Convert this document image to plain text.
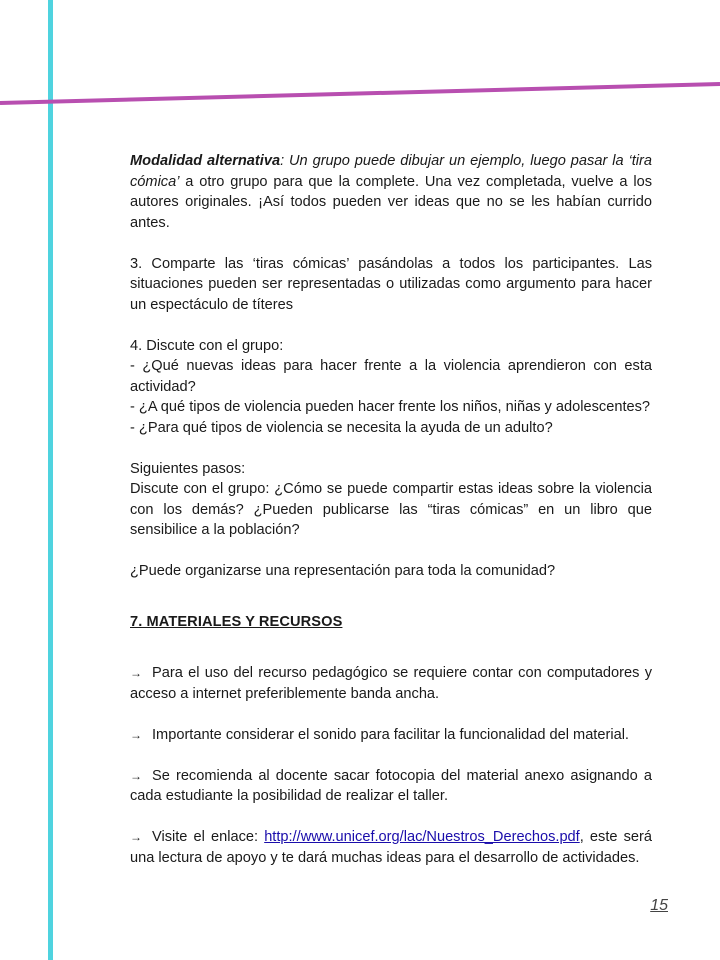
Modalidad alternativa: Un grupo puede dibujar un ejemplo, luego pasar la ‘tira cómica’ a otro grupo para que la complete. Una vez completada, vuelve a los autores originales. ¡Así todos pueden ver ideas que no se les habían currido antes.

3. Comparte las ‘tiras cómicas’ pasándolas a todos los participantes. Las situaciones pueden ser representadas o utilizadas como argumento para hacer un espectáculo de títeres

4. Discute con el grupo:

- ¿Qué nuevas ideas para hacer frente a la violencia aprendieron con esta actividad?

- ¿A qué tipos de violencia pueden hacer frente los niños, niñas y adolescentes?

- ¿Para qué tipos de violencia se necesita la ayuda de un adulto?

Siguientes pasos:

Discute con el grupo: ¿Cómo se puede compartir estas ideas sobre la violencia con los demás? ¿Pueden publicarse las “tiras cómicas” en un libro que sensibilice a la población?

¿Puede organizarse una representación para toda la comunidad?

7. MATERIALES Y RECURSOS

→ Para el uso del recurso pedagógico se requiere contar con computadores y acceso a internet preferiblemente banda ancha.

→ Importante considerar el sonido para facilitar la funcionalidad del material.

→ Se recomienda al docente sacar fotocopia del material anexo asignando a cada estudiante la posibilidad de realizar el taller.

→ Visite el enlace: http://www.unicef.org/lac/Nuestros_Derechos.pdf, este será una lectura de apoyo y te dará muchas ideas para el desarrollo de actividades.

15
